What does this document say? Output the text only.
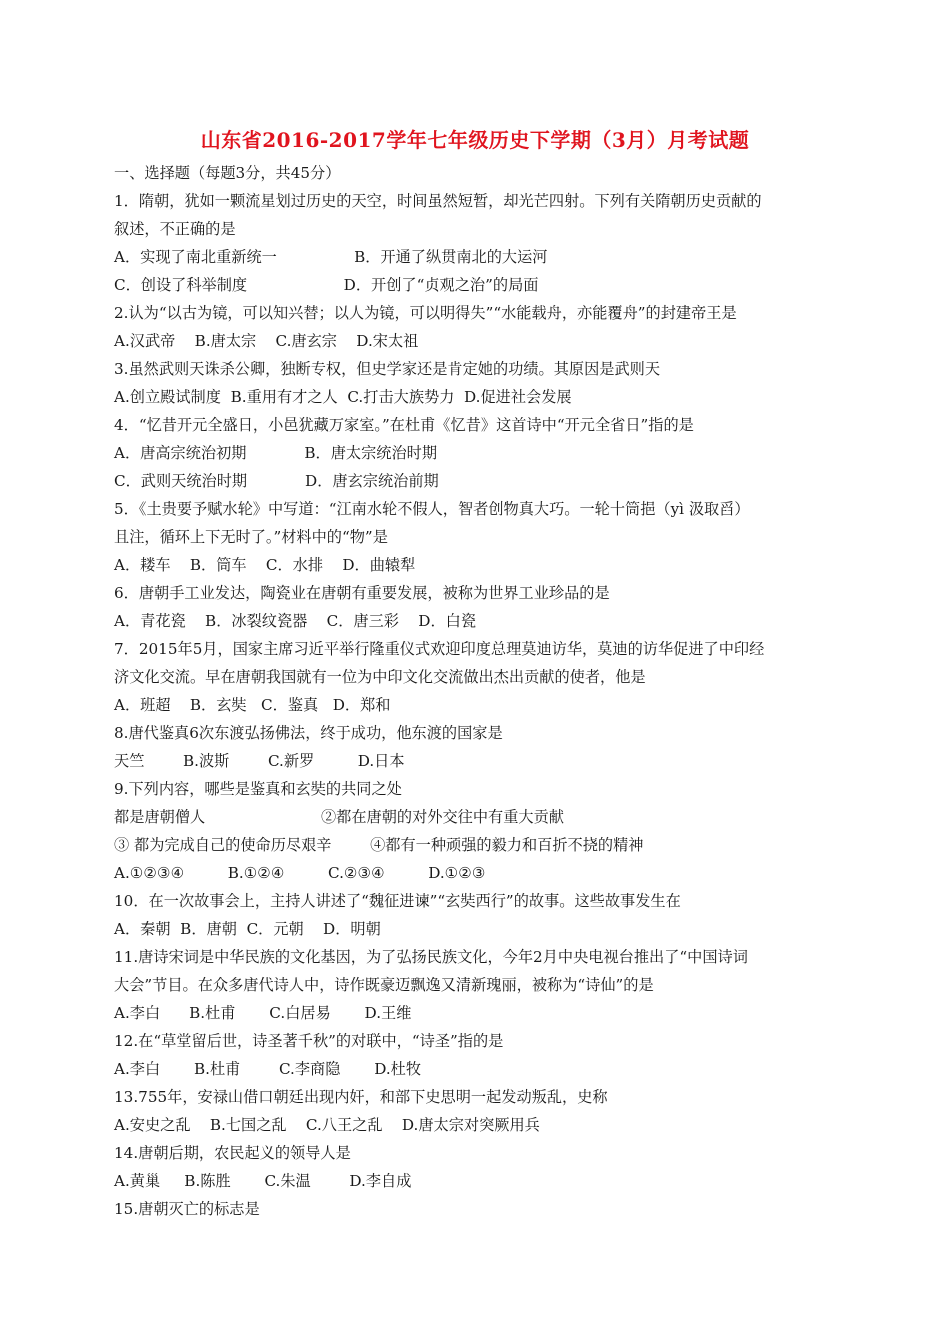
山东省2016-2017学年七年级历史下学期（3月）月考试题
一、选择题（每题3分，共45分）
1．隋朝，犹如一颗流星划过历史的天空，时间虽然短暂，却光芒四射。下列有关隋朝历史贡献的
叙述，不正确的是
A．实现了南北重新统一                B．开通了纵贯南北的大运河
C．创设了科举制度                    D．开创了“贞观之治”的局面
2.认为“以古为镜，可以知兴替；以人为镜，可以明得失”“水能载舟，亦能覆舟”的封建帝王是
A.汉武帝    B.唐太宗    C.唐玄宗    D.宋太祖
3.虽然武则天诛杀公卿，独断专权，但史学家还是肯定她的功绩。其原因是武则天
A.创立殿试制度  B.重用有才之人  C.打击大族势力  D.促进社会发展
4．“忆昔开元全盛日，小邑犹藏万家室。”在杜甫《忆昔》这首诗中“开元全省日”指的是
A．唐高宗统治初期            B．唐太宗统治时期
C．武则天统治时期            D．唐玄宗统治前期
5．《土贵要予赋水轮》中写道：“江南水轮不假人，智者创物真大巧。一轮十筒挹（yì 汲取舀）
且注，循环上下无时了。”材料中的“物”是
A．耧车    B．筒车    C．水排    D．曲辕犁
6．唐朝手工业发达，陶瓷业在唐朝有重要发展，被称为世界工业珍品的是
A．青花瓷    B．冰裂纹瓷器    C．唐三彩    D．白瓷
7．2015年5月，国家主席习近平举行隆重仪式欢迎印度总理莫迪访华，莫迪的访华促进了中印经
济文化交流。早在唐朝我国就有一位为中印文化交流做出杰出贡献的使者，他是
A．班超    B．玄奘   C．鉴真   D．郑和
8.唐代鉴真6次东渡弘扬佛法，终于成功，他东渡的国家是
天竺        B.波斯        C.新罗         D.日本
9.下列内容，哪些是鉴真和玄奘的共同之处
都是唐朝僧人                        ②都在唐朝的对外交往中有重大贡献
③ 都为完成自己的使命历尽艰辛        ④都有一种顽强的毅力和百折不挠的精神
A.①②③④         B.①②④         C.②③④         D.①②③
10．在一次故事会上，主持人讲述了“魏征进谏”“玄奘西行”的故事。这些故事发生在
A．秦朝  B．唐朝  C．元朝    D．明朝
11.唐诗宋词是中华民族的文化基因，为了弘扬民族文化，今年2月中央电视台推出了“中国诗词
大会”节目。在众多唐代诗人中，诗作既豪迈飘逸又清新瑰丽，被称为“诗仙”的是
A.李白      B.杜甫       C.白居易       D.王维
12.在“草堂留后世，诗圣著千秋”的对联中，“诗圣”指的是
A.李白       B.杜甫        C.李商隐       D.杜牧
13.755年，安禄山借口朝廷出现内奸，和部下史思明一起发动叛乱，史称
A.安史之乱    B.七国之乱    C.八王之乱    D.唐太宗对突厥用兵
14.唐朝后期，农民起义的领导人是
A.黄巢     B.陈胜       C.朱温        D.李自成
15.唐朝灭亡的标志是
